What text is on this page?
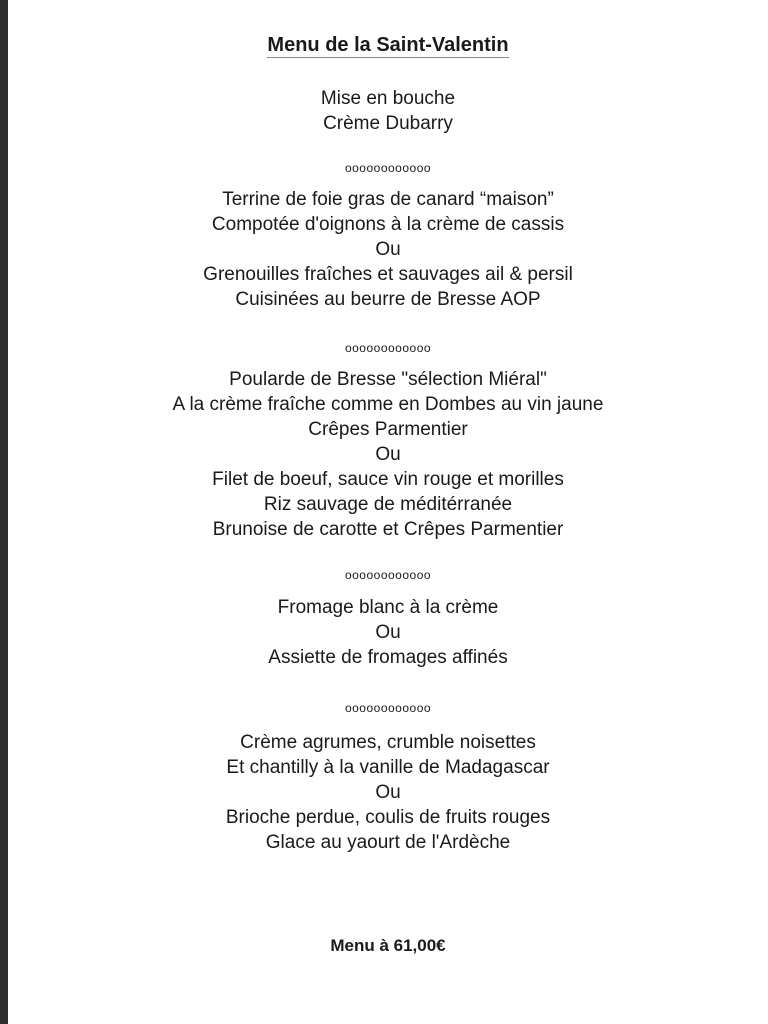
Menu de la Saint-Valentin
Mise en bouche
Crème Dubarry
oooooooooooo
Terrine de foie gras de canard “maison”
Compotée d'oignons à la crème de cassis
Ou
Grenouilles fraîches et sauvages ail & persil
Cuisinées au beurre de Bresse AOP
oooooooooooo
Poularde de Bresse "sélection Miéral"
A la crème fraîche comme en Dombes au vin jaune
Crêpes Parmentier
Ou
Filet de boeuf, sauce vin rouge et morilles
Riz sauvage de méditérranée
Brunoise de carotte et Crêpes Parmentier
oooooooooooo
Fromage blanc à la crème
Ou
Assiette de fromages affinés
oooooooooooo
Crème agrumes, crumble noisettes
Et chantilly à la vanille de Madagascar
Ou
Brioche perdue, coulis de fruits rouges
Glace au yaourt de l'Ardèche
Menu à 61,00€
